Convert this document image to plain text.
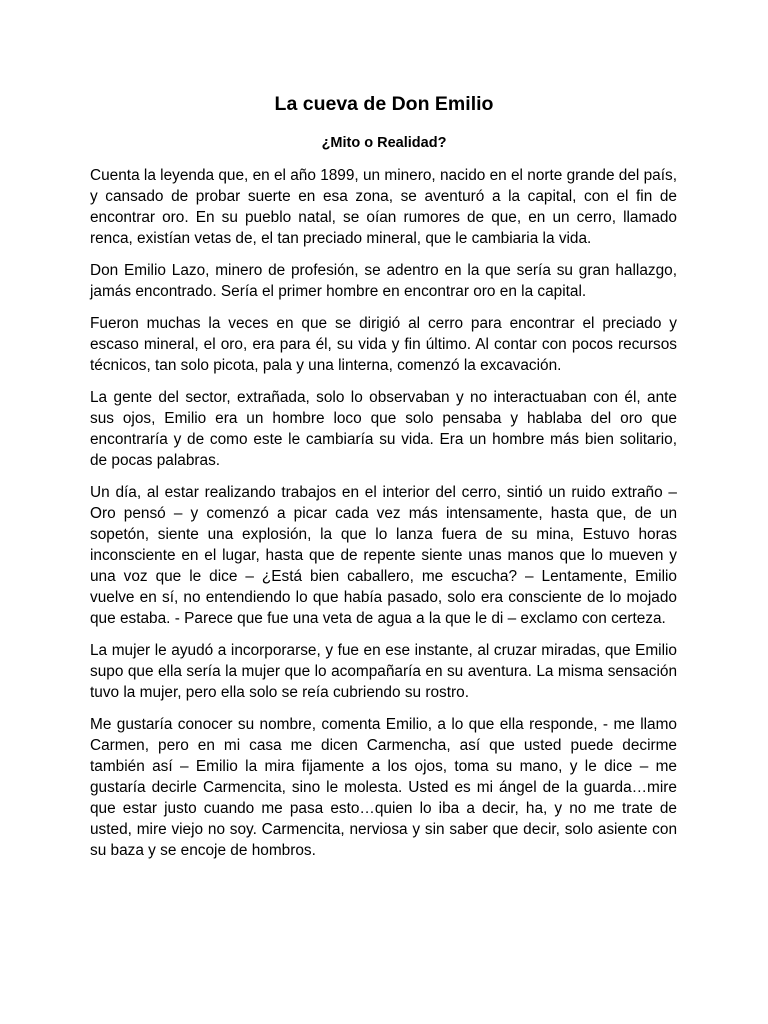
La cueva de Don Emilio
¿Mito o Realidad?

Cuenta la leyenda que, en el año 1899, un minero, nacido en el norte grande del país, y cansado de probar suerte en esa zona, se aventuró a la capital, con el fin de encontrar oro. En su pueblo natal, se oían rumores de que, en un cerro, llamado renca, existían vetas de, el tan preciado mineral, que le cambiaria la vida.

Don Emilio Lazo, minero de profesión, se adentro en la que sería su gran hallazgo, jamás encontrado. Sería el primer hombre en encontrar oro en la capital.

Fueron muchas la veces en que se dirigió al cerro para encontrar el preciado y escaso mineral, el oro, era para él, su vida y fin último. Al contar con pocos recursos técnicos, tan solo picota, pala y una linterna, comenzó la excavación.

La gente del sector, extrañada, solo lo observaban y no interactuaban con él, ante sus ojos, Emilio era un hombre loco que solo pensaba y hablaba del oro que encontraría y de como este le cambiaría su vida. Era un hombre más bien solitario, de pocas palabras.

Un día, al estar realizando trabajos en el interior del cerro, sintió un ruido extraño – Oro pensó – y comenzó a picar cada vez más intensamente, hasta que, de un sopetón, siente una explosión, la que lo lanza fuera de su mina, Estuvo horas inconsciente en el lugar, hasta que de repente siente unas manos que lo mueven y una voz que le dice – ¿Está bien caballero, me escucha? – Lentamente, Emilio vuelve en sí, no entendiendo lo que había pasado, solo era consciente de lo mojado que estaba. - Parece que fue una veta de agua a la que le di – exclamo con certeza.

La mujer le ayudó a incorporarse, y fue en ese instante, al cruzar miradas, que Emilio supo que ella sería la mujer que lo acompañaría en su aventura. La misma sensación tuvo la mujer, pero ella solo se reía cubriendo su rostro.

Me gustaría conocer su nombre, comenta Emilio, a lo que ella responde, - me llamo Carmen, pero en mi casa me dicen Carmencha, así que usted puede decirme también así – Emilio la mira fijamente a los ojos, toma su mano, y le dice – me gustaría decirle Carmencita, sino le molesta. Usted es mi ángel de la guarda…mire que estar justo cuando me pasa esto…quien lo iba a decir, ha, y no me trate de usted, mire viejo no soy. Carmencita, nerviosa y sin saber que decir, solo asiente con su baza y se encoje de hombros.
